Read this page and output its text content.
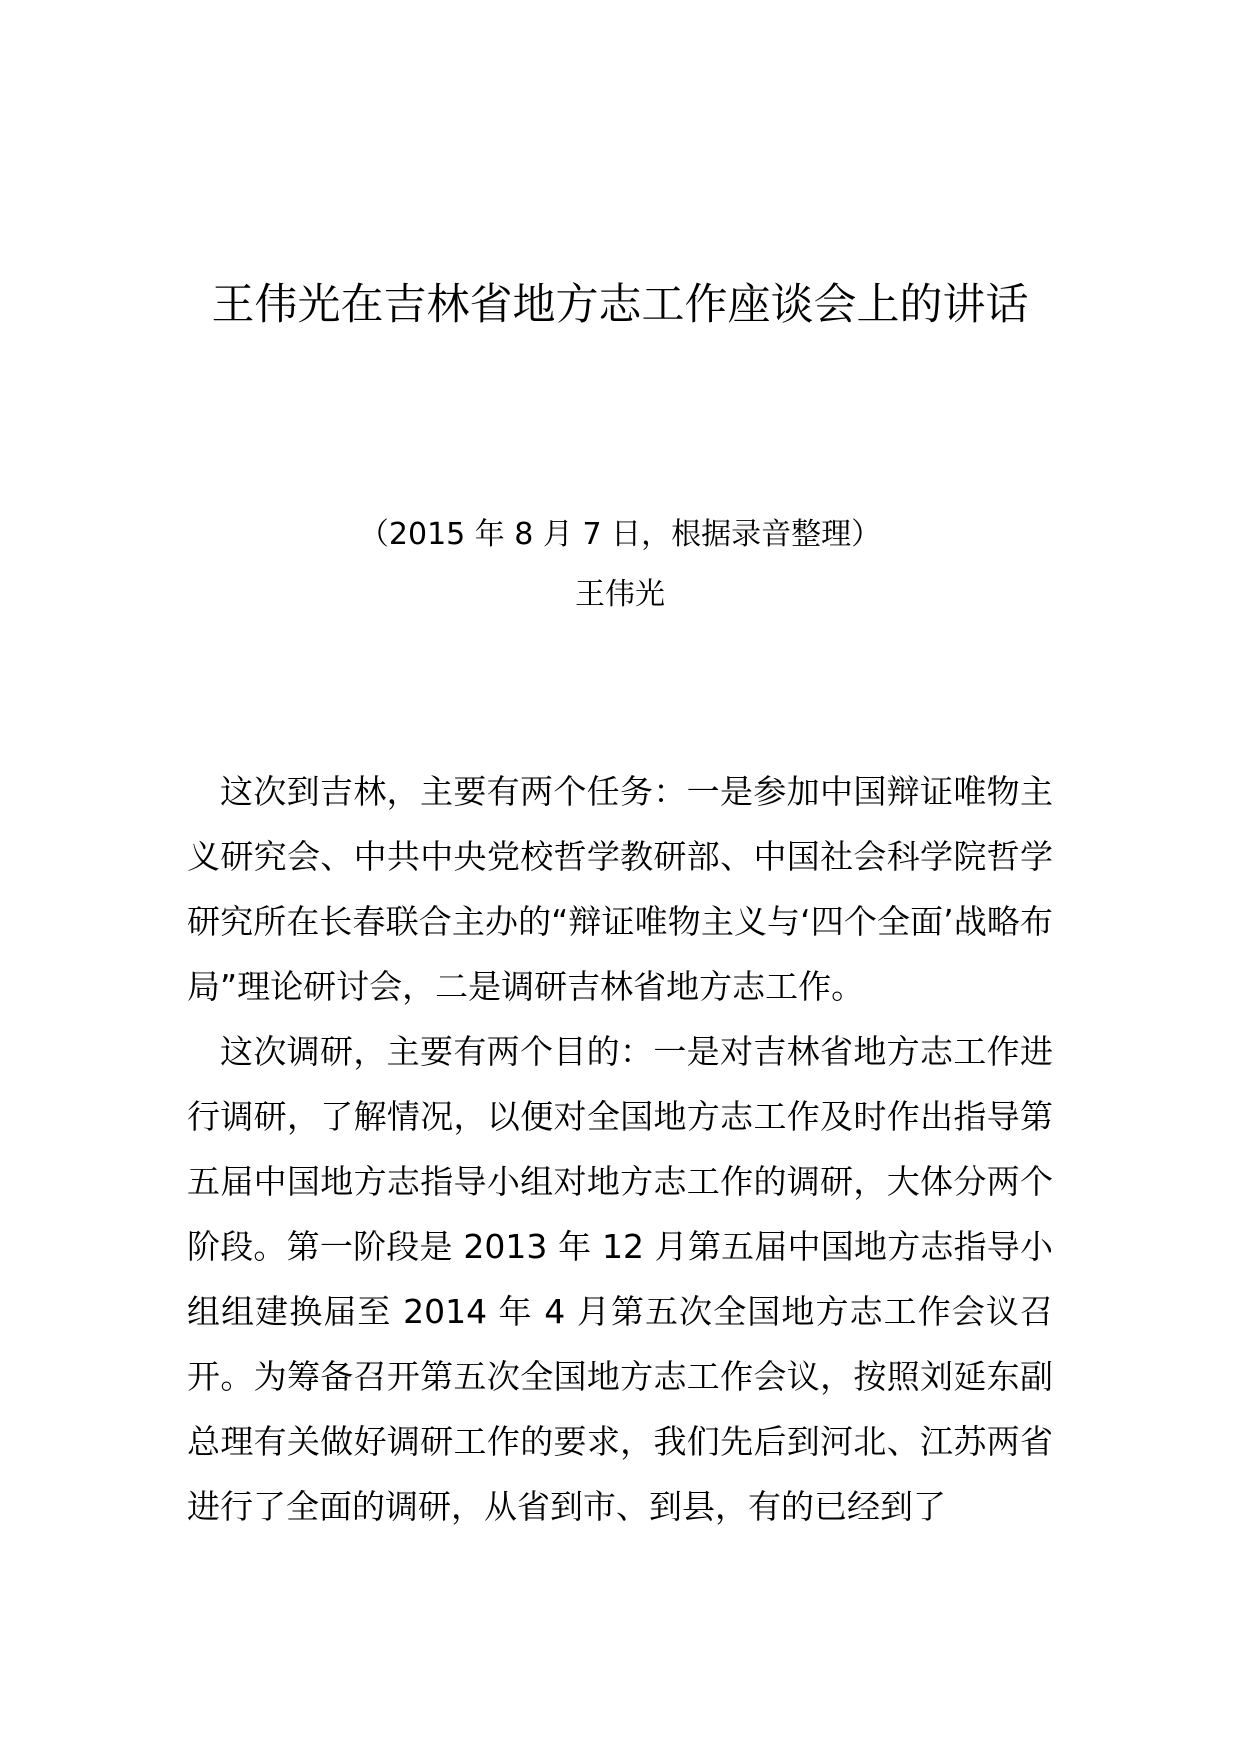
王伟光在吉林省地方志工作座谈会上的讲话
（2015 年 8 月 7 日，根据录音整理）
王伟光

这次到吉林，主要有两个任务：一是参加中国辩证唯物主义研究会、中共中央党校哲学教研部、中国社会科学院哲学研究所在长春联合主办的“辩证唯物主义与‘四个全面’战略布局”理论研讨会，二是调研吉林省地方志工作。

这次调研，主要有两个目的：一是对吉林省地方志工作进行调研，了解情况，以便对全国地方志工作及时作出指导第五届中国地方志指导小组对地方志工作的调研，大体分两个阶段。第一阶段是 2013 年 12 月第五届中国地方志指导小组组建换届至 2014 年 4 月第五次全国地方志工作会议召开。为筹备召开第五次全国地方志工作会议，按照刘延东副总理有关做好调研工作的要求，我们先后到河北、江苏两省进行了全面的调研，从省到市、到县，有的已经到了
